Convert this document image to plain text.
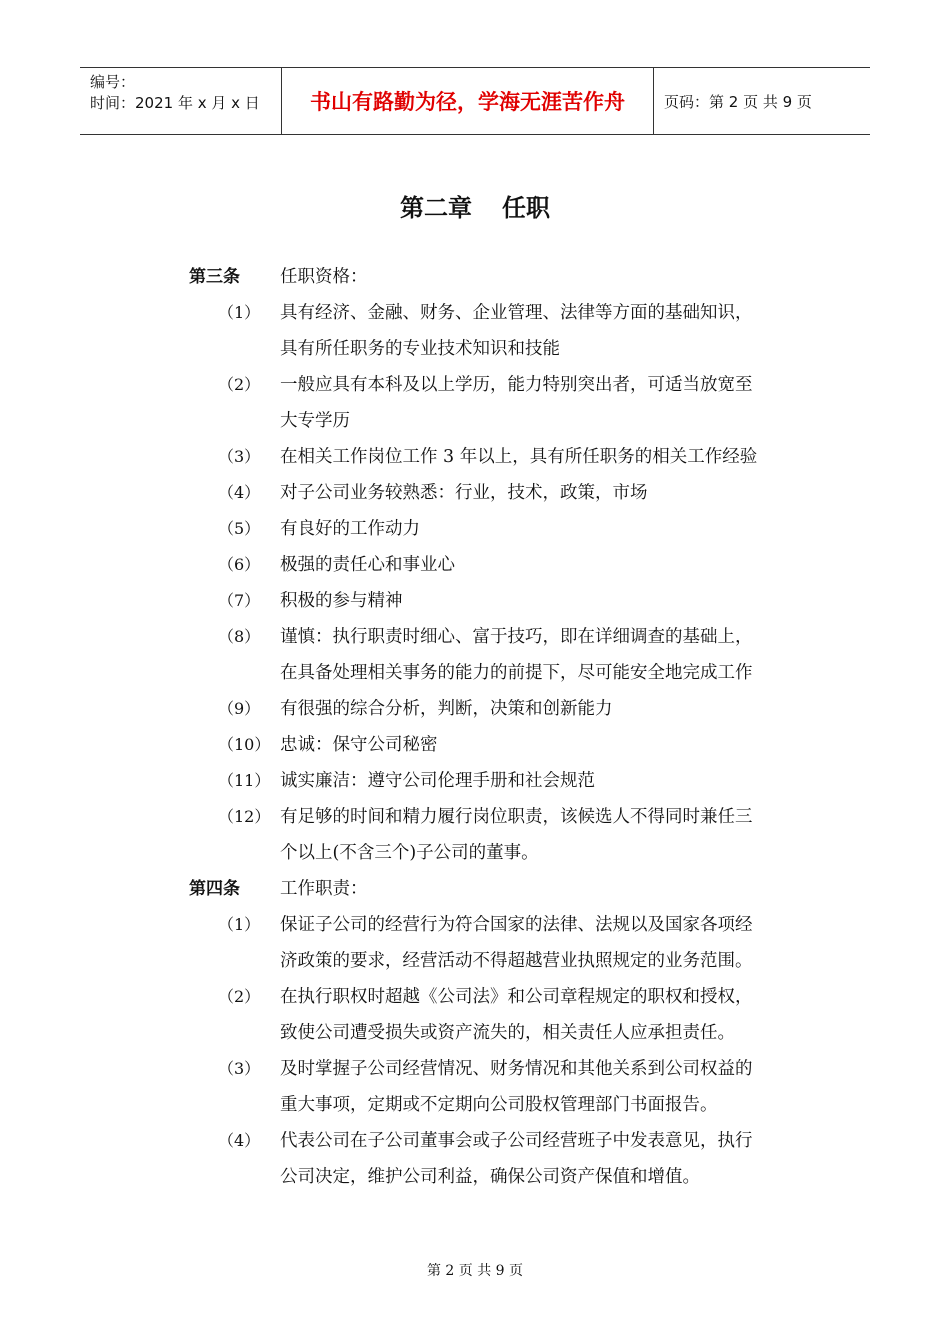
编号：
时间：2021 年 x 月 x 日	书山有路勤为径，学海无涯苦作舟	页码：第 2 页 共 9 页
第二章 任职
第三条 任职资格：
（1）	具有经济、金融、财务、企业管理、法律等方面的基础知识，
具有所任职务的专业技术知识和技能
（2）	一般应具有本科及以上学历，能力特别突出者，可适当放宽至
大专学历
（3）	在相关工作岗位工作 3 年以上，具有所任职务的相关工作经验
（4）	对子公司业务较熟悉：行业，技术，政策，市场
（5）	有良好的工作动力
（6）	极强的责任心和事业心
（7）	积极的参与精神
（8）	谨慎：执行职责时细心、富于技巧，即在详细调查的基础上，
在具备处理相关事务的能力的前提下，尽可能安全地完成工作
（9）	有很强的综合分析，判断，决策和创新能力
（10） 忠诚：保守公司秘密
（11） 诚实廉洁：遵守公司伦理手册和社会规范
（12） 有足够的时间和精力履行岗位职责，该候选人不得同时兼任三
个以上(不含三个)子公司的董事。
第四条 工作职责：
（1）	保证子公司的经营行为符合国家的法律、法规以及国家各项经
济政策的要求，经营活动不得超越营业执照规定的业务范围。
（2）	在执行职权时超越《公司法》和公司章程规定的职权和授权，
致使公司遭受损失或资产流失的，相关责任人应承担责任。
（3）	及时掌握子公司经营情况、财务情况和其他关系到公司权益的
重大事项，定期或不定期向公司股权管理部门书面报告。
（4）	代表公司在子公司董事会或子公司经营班子中发表意见，执行
公司决定，维护公司利益，确保公司资产保值和增值。
第 2 页 共 9 页
